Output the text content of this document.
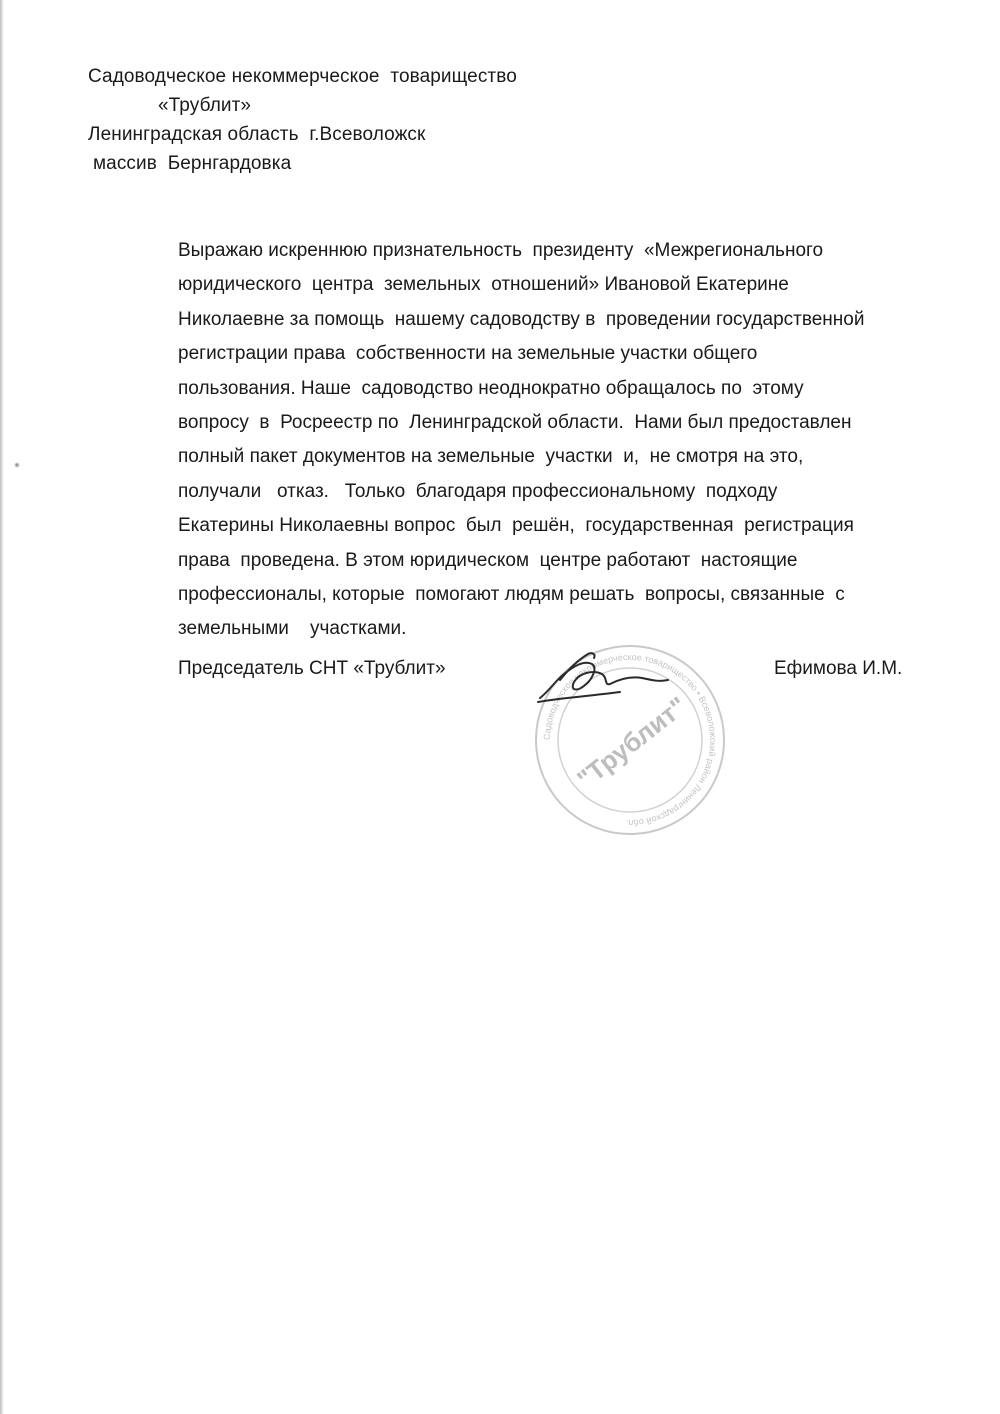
Садоводческое некоммерческое  товарищество
«Трублит»
Ленинградская область  г.Всеволожск
массив  Бернгардовка
Выражаю искреннюю признательность  президенту  «Межрегионального
юридического  центра  земельных  отношений» Ивановой Екатерине
Николаевне за помощь  нашему садоводству в  проведении государственной
регистрации права  собственности на земельные участки общего
пользования. Наше  садоводство неоднократно обращалось по  этому
вопросу  в  Росреестр по  Ленинградской области.  Нами был предоставлен
полный пакет документов на земельные  участки  и,  не смотря на это,
получали   отказ.   Только  благодаря профессиональному  подходу
Екатерины Николаевны вопрос  был  решён,  государственная  регистрация
права  проведена. В этом юридическом  центре работают  настоящие
профессионалы, которые  помогают людям решать  вопросы, связанные  с
земельными    участками.
Садоводческое некоммерческое товарищество • Всеволожский район Ленинградской обл.
"Трублит"
Председатель СНТ «Трублит»	Ефимова И.М.
